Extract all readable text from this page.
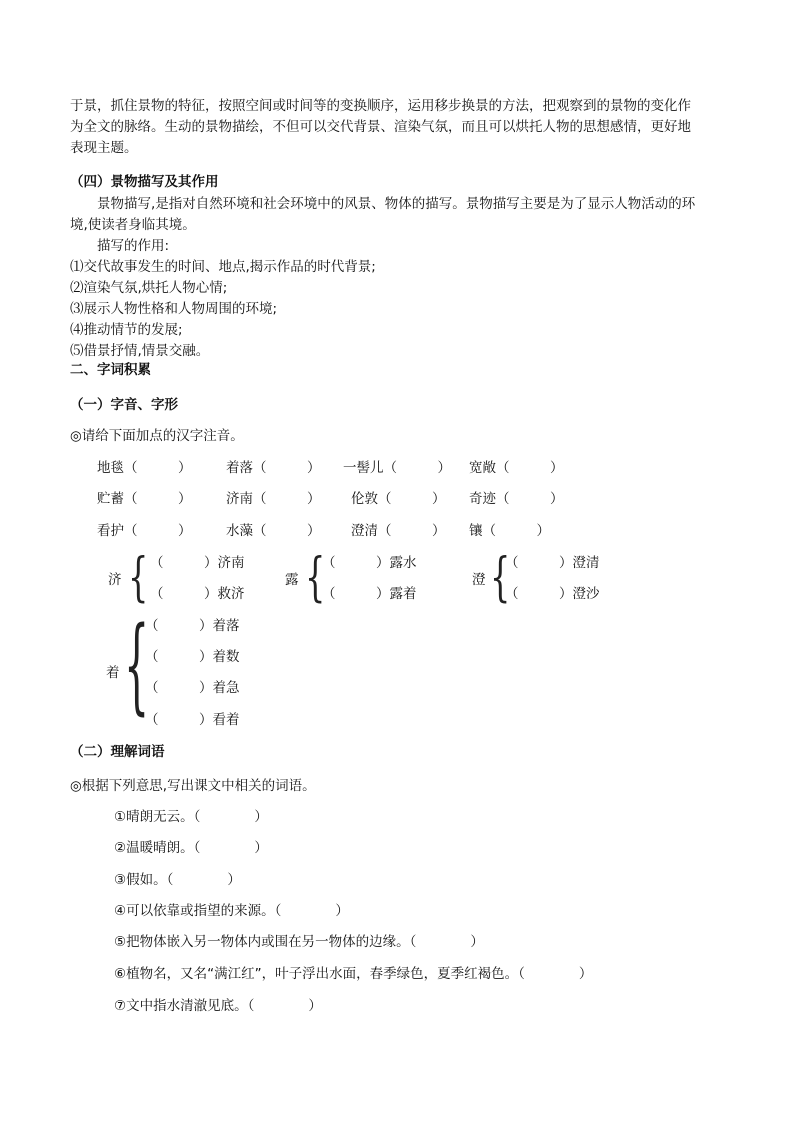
于景，抓住景物的特征，按照空间或时间等的变换顺序，运用移步换景的方法，把观察到的景物的变化作
为全文的脉络。生动的景物描绘，不但可以交代背景、渲染气氛，而且可以烘托人物的思想感情，更好地
表现主题。
（四）景物描写及其作用
景物描写,是指对自然环境和社会环境中的风景、物体的描写。景物描写主要是为了显示人物活动的环
境,使读者身临其境。
描写的作用:
⑴交代故事发生的时间、地点,揭示作品的时代背景;
⑵渲染气氛,烘托人物心情;
⑶展示人物性格和人物周围的环境;
⑷推动情节的发展;
⑸借景抒情,情景交融。
二、字词积累
（一）字音、字形
◎请给下面加点的汉字注音。
地毯（　　　）	着落（　　　） 一髻儿（　　　） 宽敞（　　　）
贮蓄（　　　）	济南（　　　） 伦敦（　　　） 奇迹（　　　）
看护（　　　）	水藻（　　　） 澄清（　　　） 镶（　　　）
济 { （　　　）济南
（　　　）救济
露 {
（　　　）露水
（　　　）露着
澄 {
（　　　）澄清
（　　　）澄沙
着 {
（　　　）着落
（　　　）着数
（　　　）着急
（　　　）看着
（二）理解词语
◎根据下列意思,写出课文中相关的词语。
①晴朗无云。（　　　　）
②温暖晴朗。（　　　　）
③假如。（　　　　）
④可以依靠或指望的来源。（　　　　）
⑤把物体嵌入另一物体内或围在另一物体的边缘。（　　　　）
⑥植物名，又名“满江红”，叶子浮出水面，春季绿色，夏季红褐色。（　　　　）
⑦文中指水清澈见底。（　　　　）
